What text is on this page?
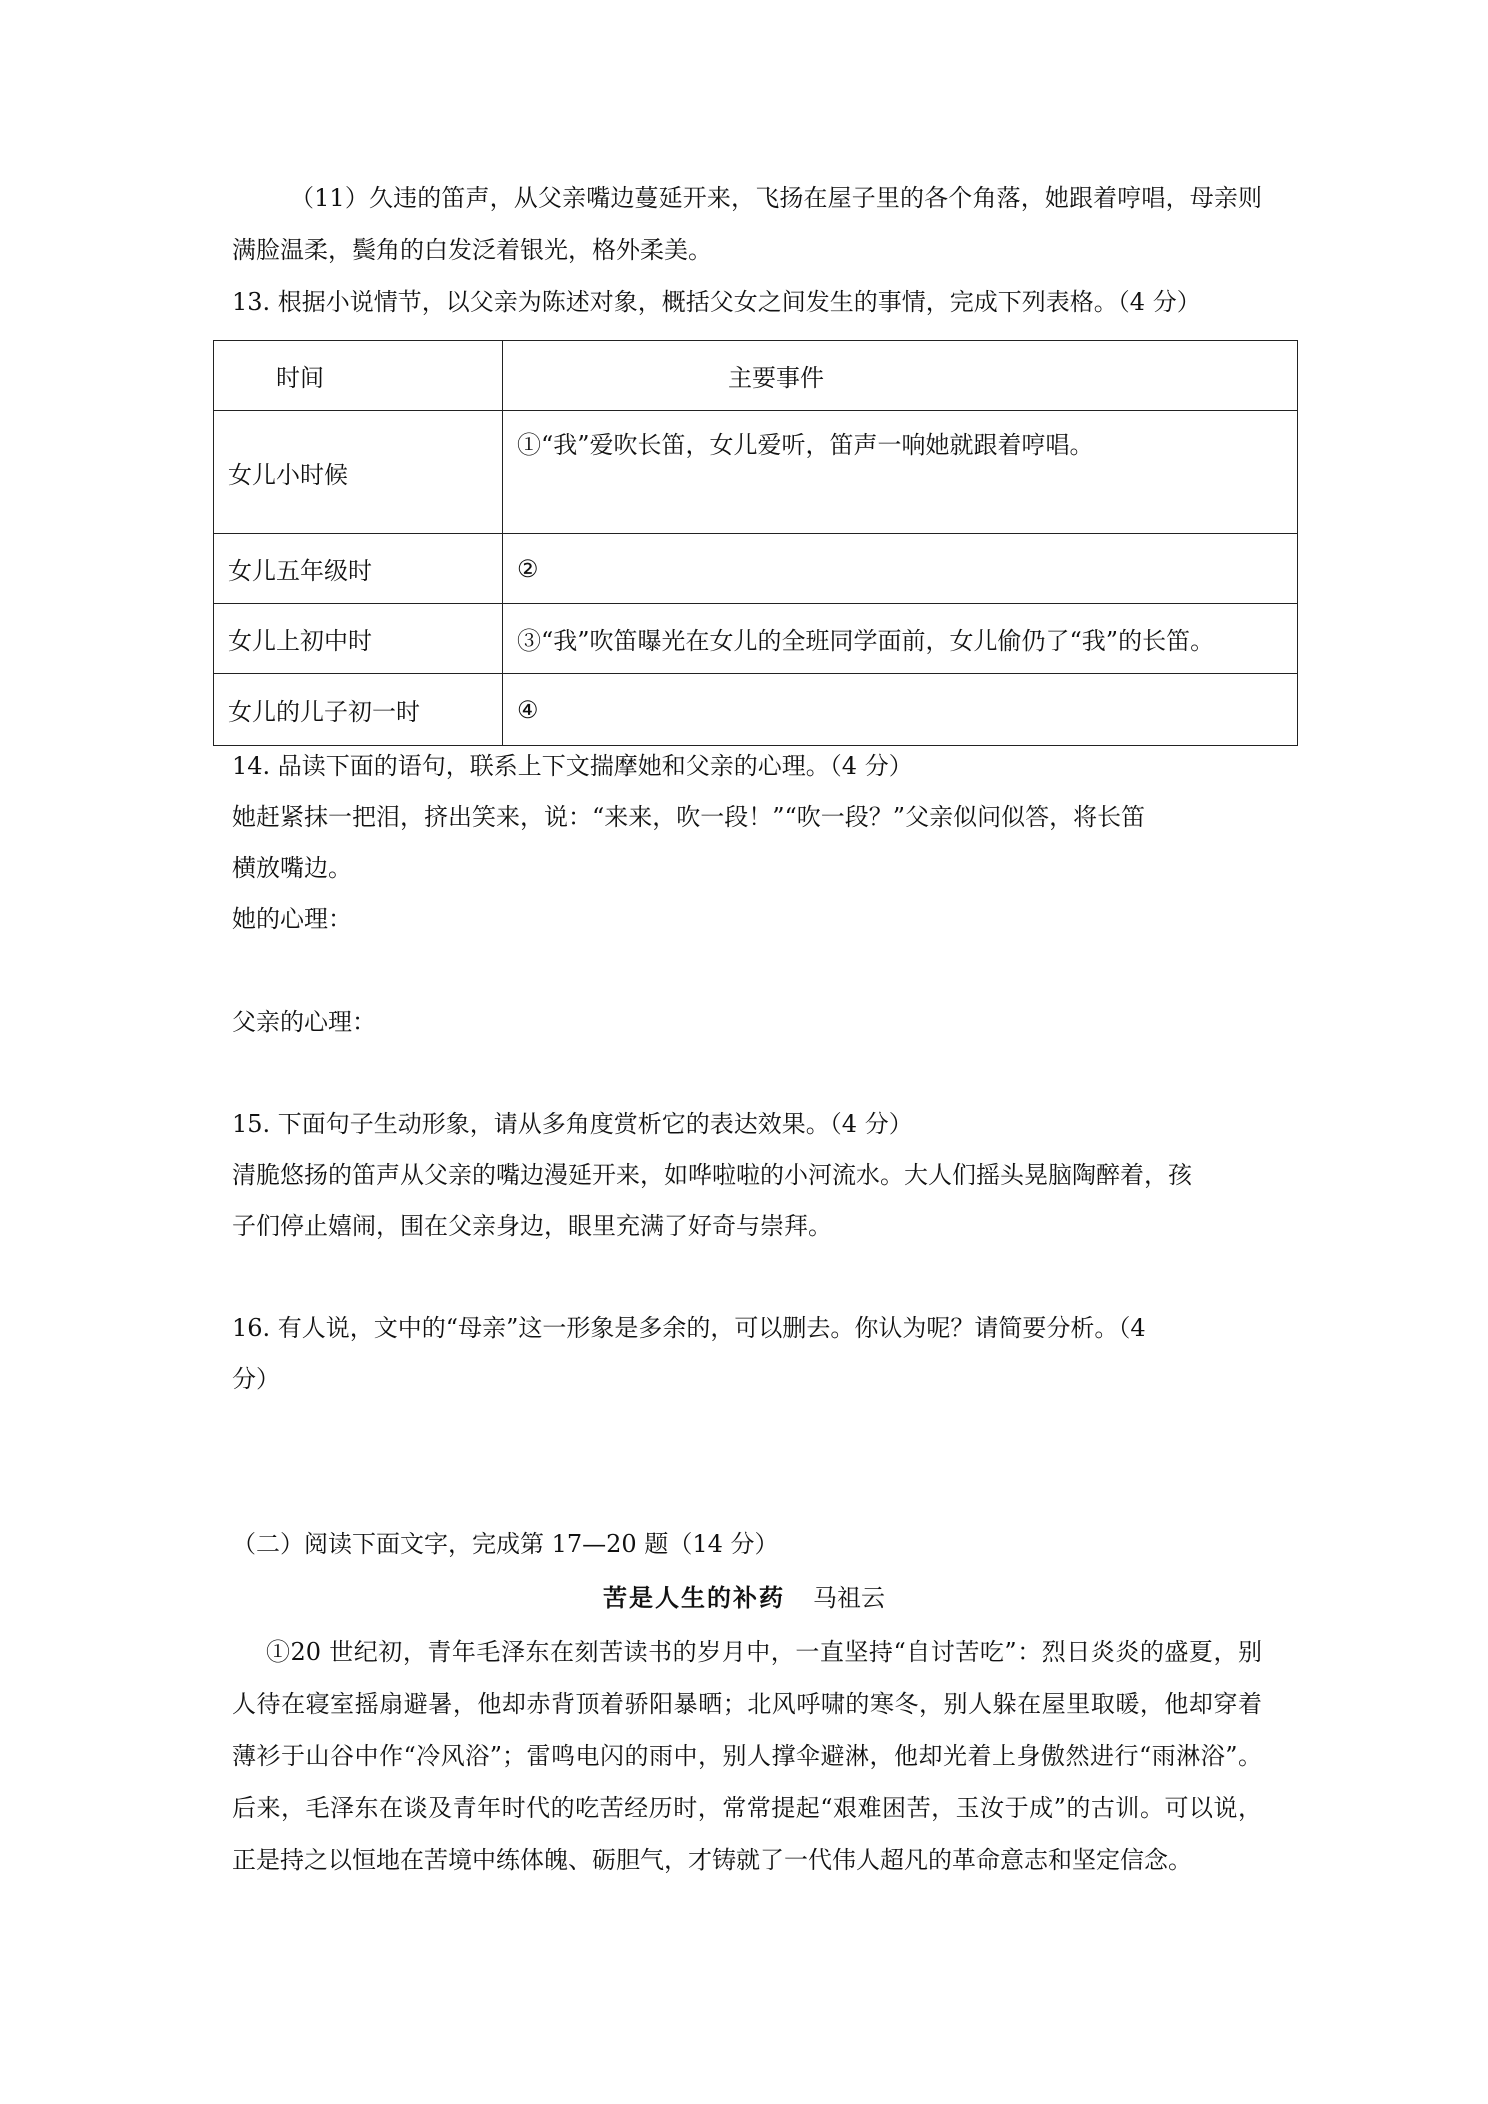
（11）久违的笛声，从父亲嘴边蔓延开来，飞扬在屋子里的各个角落，她跟着哼唱，母亲则满脸温柔，鬓角的白发泛着银光，格外柔美。
13. 根据小说情节，以父亲为陈述对象，概括父女之间发生的事情，完成下列表格。（4 分）
时间	主要事件
女儿小时候	①“我”爱吹长笛，女儿爱听，笛声一响她就跟着哼唱。
女儿五年级时	②
女儿上初中时	③“我”吹笛曝光在女儿的全班同学面前，女儿偷仍了“我”的长笛。
女儿的儿子初一时	④
14. 品读下面的语句，联系上下文揣摩她和父亲的心理。（4 分）
她赶紧抹一把泪，挤出笑来，说：“来来，吹一段！”“吹一段？”父亲似问似答，将长笛
横放嘴边。
她的心理：
父亲的心理：
15. 下面句子生动形象，请从多角度赏析它的表达效果。（4 分）
清脆悠扬的笛声从父亲的嘴边漫延开来，如哗啦啦的小河流水。大人们摇头晃脑陶醉着，孩
子们停止嬉闹，围在父亲身边，眼里充满了好奇与崇拜。
16. 有人说，文中的“母亲”这一形象是多余的，可以删去。你认为呢？请简要分析。（4
分）
（二）阅读下面文字，完成第 17—20 题（14 分）
苦是人生的补药 马祖云
①20 世纪初，青年毛泽东在刻苦读书的岁月中，一直坚持“自讨苦吃”：烈日炎炎的盛夏，别人待在寝室摇扇避暑，他却赤背顶着骄阳暴晒；北风呼啸的寒冬，别人躲在屋里取暖，他却穿着薄衫于山谷中作“冷风浴”；雷鸣电闪的雨中，别人撑伞避淋，他却光着上身傲然进行“雨淋浴”。后来，毛泽东在谈及青年时代的吃苦经历时，常常提起“艰难困苦，玉汝于成”的古训。可以说，正是持之以恒地在苦境中练体魄、砺胆气，才铸就了一代伟人超凡的革命意志和坚定信念。
